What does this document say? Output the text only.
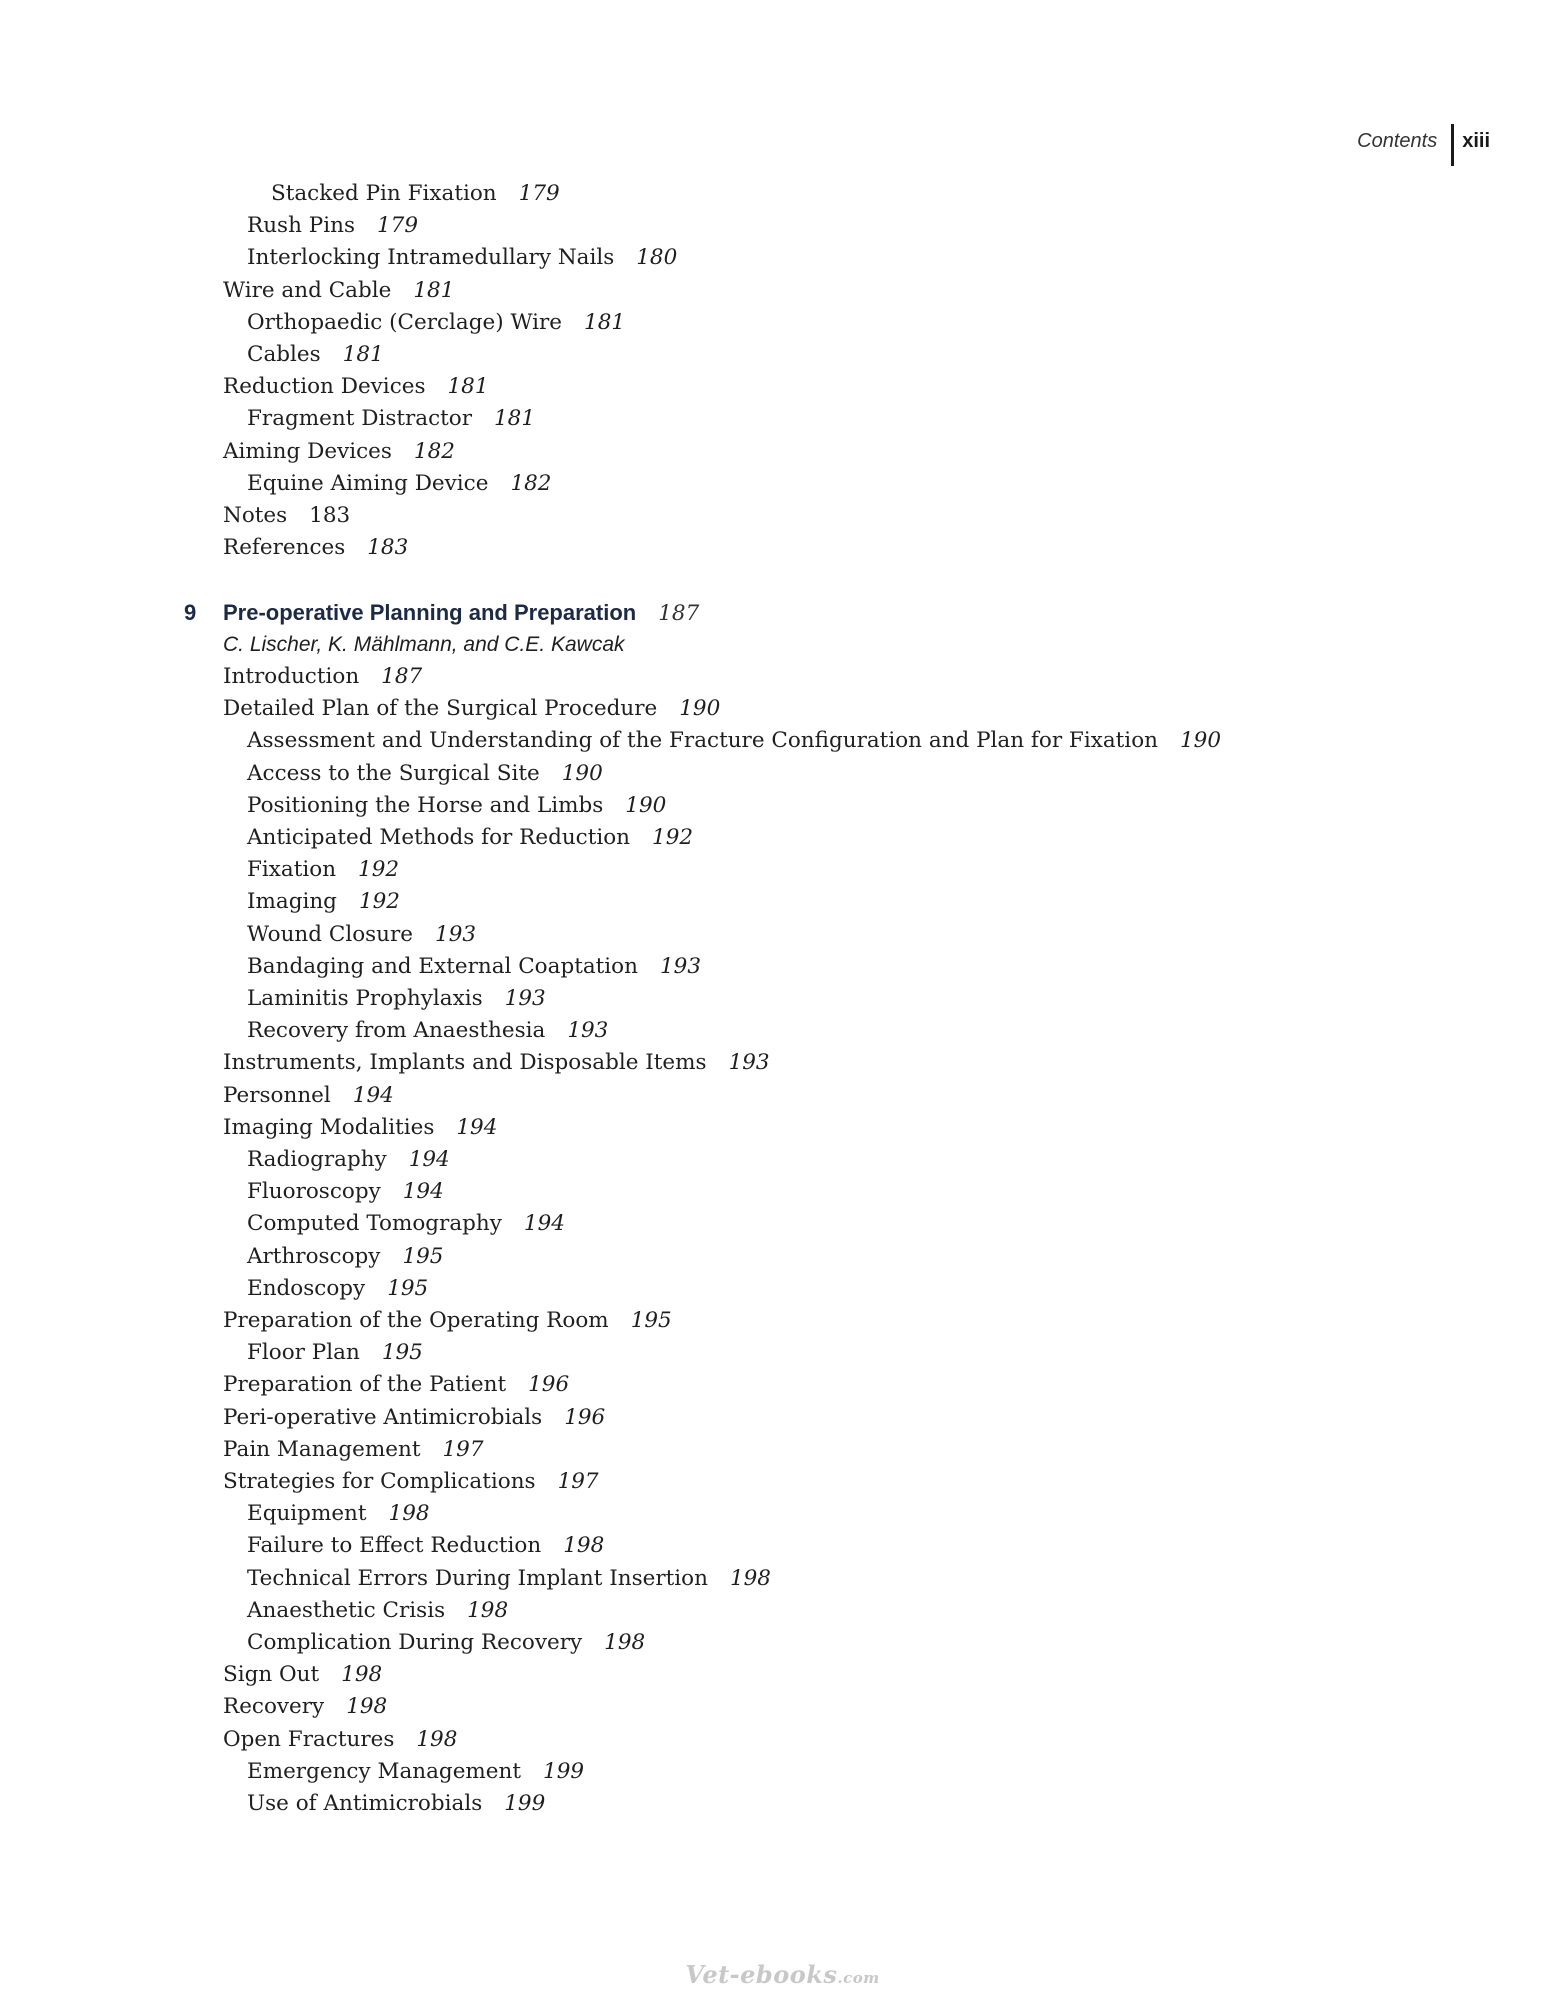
Contents	xiii
9 Pre-operative Planning and Preparation 187
C. Lischer, K. Mählmann, and C.E. Kawcak
Stacked Pin Fixation 179
Rush Pins 179
Interlocking Intramedullary Nails 180
Wire and Cable 181
Orthopaedic (Cerclage) Wire 181
Cables 181
Reduction Devices 181
Fragment Distractor 181
Aiming Devices 182
Equine Aiming Device 182
Notes 183
References 183
Introduction 187
Detailed Plan of the Surgical Procedure 190
Assessment and Understanding of the Fracture Configuration and Plan for Fixation 190
Access to the Surgical Site 190
Positioning the Horse and Limbs 190
Anticipated Methods for Reduction 192
Fixation 192
Imaging 192
Wound Closure 193
Bandaging and External Coaptation 193
Laminitis Prophylaxis 193
Recovery from Anaesthesia 193
Instruments, Implants and Disposable Items 193
Personnel 194
Imaging Modalities 194
Radiography 194
Fluoroscopy 194
Computed Tomography 194
Arthroscopy 195
Endoscopy 195
Preparation of the Operating Room 195
Floor Plan 195
Preparation of the Patient 196
Peri-operative Antimicrobials 196
Pain Management 197
Strategies for Complications 197
Equipment 198
Failure to Effect Reduction 198
Technical Errors During Implant Insertion 198
Anaesthetic Crisis 198
Complication During Recovery 198
Sign Out 198
Recovery 198
Open Fractures 198
Emergency Management 199
Use of Antimicrobials 199
Vet-ebooks.com
